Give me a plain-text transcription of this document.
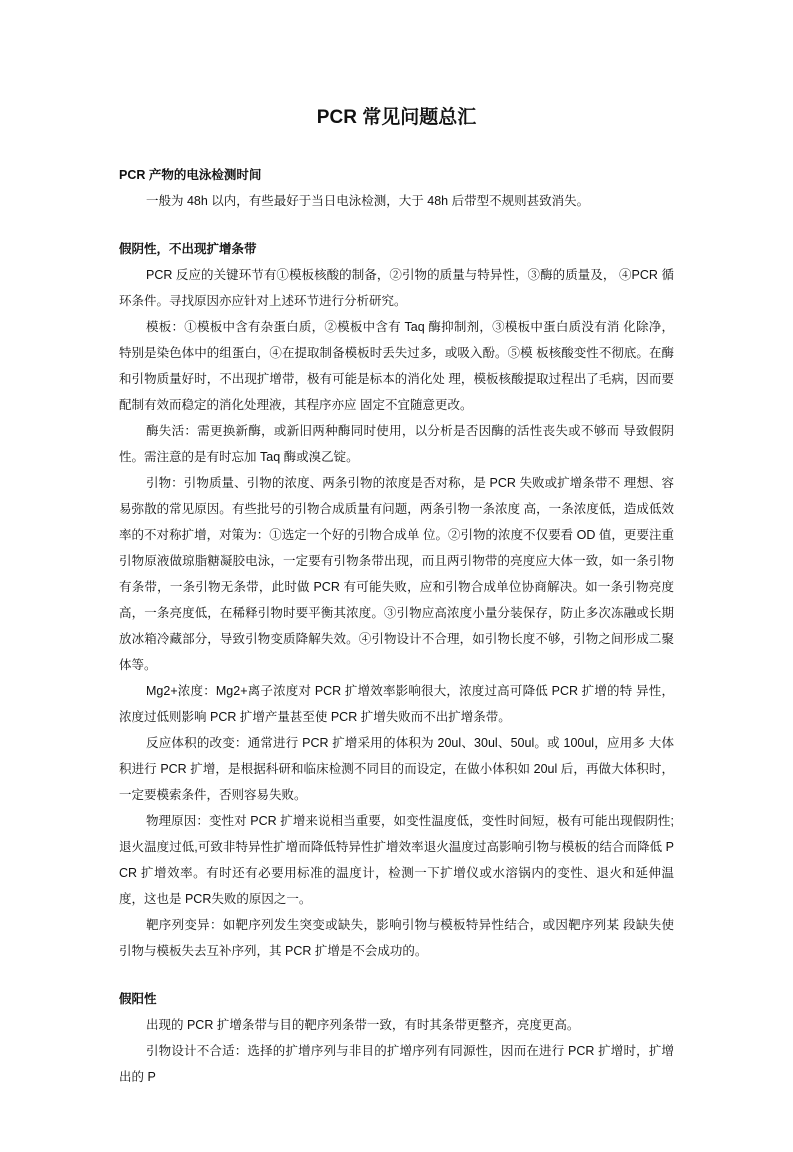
PCR 常见问题总汇
PCR 产物的电泳检测时间

一般为 48h 以内，有些最好于当日电泳检测，大于 48h 后带型不规则甚致消失。

假阴性，不出现扩增条带

PCR 反应的关键环节有①模板核酸的制备，②引物的质量与特异性，③酶的质量及， ④PCR 循环条件。寻找原因亦应针对上述环节进行分析研究。

模板：①模板中含有杂蛋白质，②模板中含有 Taq 酶抑制剂，③模板中蛋白质没有消 化除净，特别是染色体中的组蛋白，④在提取制备模板时丢失过多，或吸入酚。⑤模 板核酸变性不彻底。在酶和引物质量好时，不出现扩增带，极有可能是标本的消化处 理，模板核酸提取过程出了毛病，因而要配制有效而稳定的消化处理液，其程序亦应 固定不宜随意更改。

酶失活：需更换新酶，或新旧两种酶同时使用，以分析是否因酶的活性丧失或不够而 导致假阴性。需注意的是有时忘加 Taq 酶或溴乙锭。

引物：引物质量、引物的浓度、两条引物的浓度是否对称，是 PCR 失败或扩增条带不 理想、容易弥散的常见原因。有些批号的引物合成质量有问题，两条引物一条浓度 高，一条浓度低，造成低效率的不对称扩增，对策为：①选定一个好的引物合成单 位。②引物的浓度不仅要看 OD 值，更要注重引物原液做琼脂糖凝胶电泳，一定要有引物条带出现，而且两引物带的亮度应大体一致，如一条引物有条带，一条引物无条带，此时做 PCR 有可能失败，应和引物合成单位协商解决。如一条引物亮度高，一条亮度低，在稀释引物时要平衡其浓度。③引物应高浓度小量分装保存，防止多次冻融或长期放冰箱冷藏部分，导致引物变质降解失效。④引物设计不合理，如引物长度不够，引物之间形成二聚体等。

Mg2+浓度：Mg2+离子浓度对 PCR 扩增效率影响很大，浓度过高可降低 PCR 扩增的特 异性，浓度过低则影响 PCR 扩增产量甚至使 PCR 扩增失败而不出扩增条带。

反应体积的改变：通常进行 PCR 扩增采用的体积为 20ul、30ul、50ul。或 100ul，应用多 大体积进行 PCR 扩增，是根据科研和临床检测不同目的而设定，在做小体积如 20ul 后，再做大体积时，一定要模索条件，否则容易失败。

物理原因：变性对 PCR 扩增来说相当重要，如变性温度低，变性时间短，极有可能出现假阴性;退火温度过低,可致非特异性扩增而降低特异性扩增效率退火温度过高影响引物与模板的结合而降低 PCR 扩增效率。有时还有必要用标准的温度计，检测一下扩增仪或水溶锅内的变性、退火和延伸温度，这也是 PCR失败的原因之一。

靶序列变异：如靶序列发生突变或缺失，影响引物与模板特异性结合，或因靶序列某 段缺失使引物与模板失去互补序列，其 PCR 扩增是不会成功的。

假阳性

出现的 PCR 扩增条带与目的靶序列条带一致，有时其条带更整齐，亮度更高。

引物设计不合适：选择的扩增序列与非目的扩增序列有同源性，因而在进行 PCR 扩增时，扩增出的 P
